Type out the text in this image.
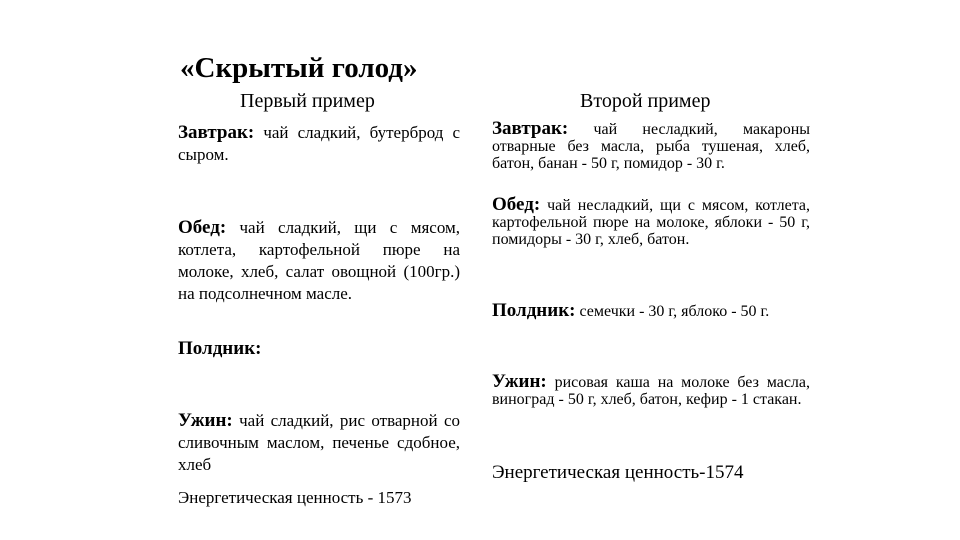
«Скрытый голод»
Первый пример
Завтрак: чай сладкий, бутерброд с сыром.
Обед: чай сладкий, щи с мясом, котлета, картофельной пюре на молоке, хлеб, салат овощной (100гр.) на подсолнечном масле.
Полдник:
Ужин: чай сладкий, рис отварной со сливочным маслом, печенье сдобное, хлеб
Энергетическая ценность - 1573
Второй пример
Завтрак: чай несладкий, макароны отварные без масла, рыба тушеная, хлеб, батон, банан - 50 г, помидор - 30 г.
Обед: чай несладкий, щи с мясом, котлета, картофельной пюре на молоке, яблоки - 50 г, помидоры - 30 г, хлеб, батон.
Полдник: семечки - 30 г, яблоко - 50 г.
Ужин: рисовая каша на молоке без масла, виноград - 50 г, хлеб, батон, кефир - 1 стакан.
Энергетическая ценность-1574
